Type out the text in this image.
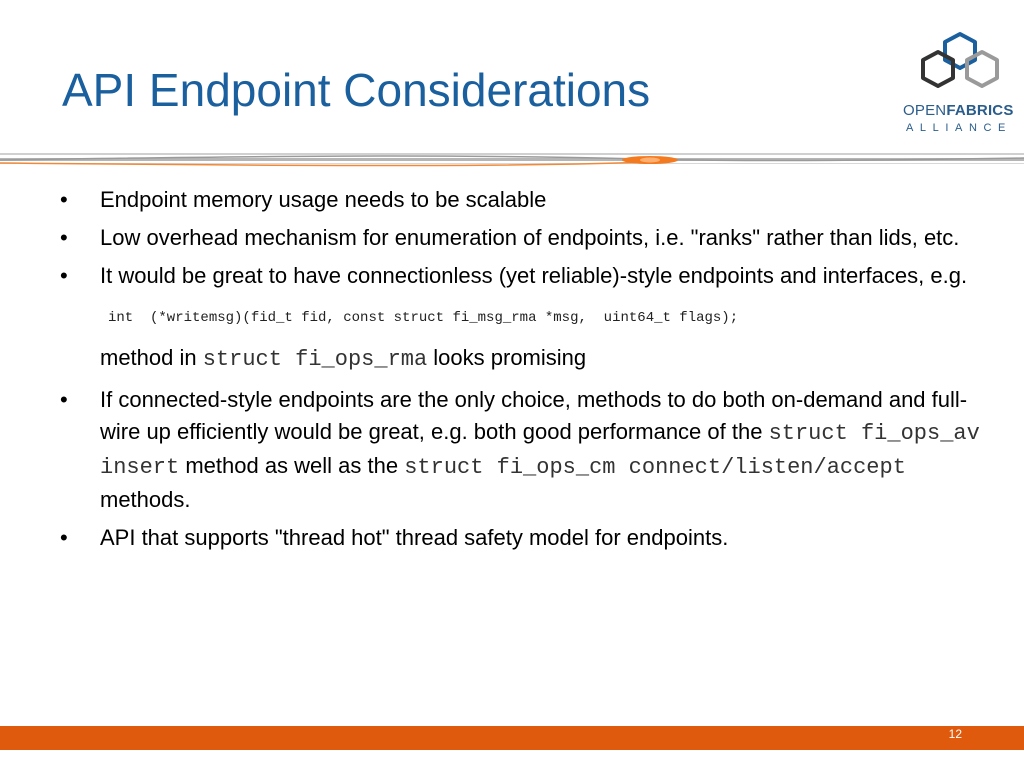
API Endpoint Considerations	OPENFABRICS
ALLIANCE
• Endpoint memory usage needs to be scalable
• Low overhead mechanism for enumeration of endpoints, i.e. "ranks" rather than lids, etc.
• It would be great to have connectionless (yet reliable)-style endpoints and interfaces, e.g.
int  (*writemsg)(fid_t fid, const struct fi_msg_rma *msg,  uint64_t flags);
method in struct fi_ops_rma looks promising
• If connected-style endpoints are the only choice, methods to do both on-demand and full-wire up efficiently would be great, e.g. both good performance of the struct fi_ops_av insert method as well as the struct fi_ops_cm connect/listen/accept methods.
• API that supports "thread hot" thread safety model for endpoints.
12
